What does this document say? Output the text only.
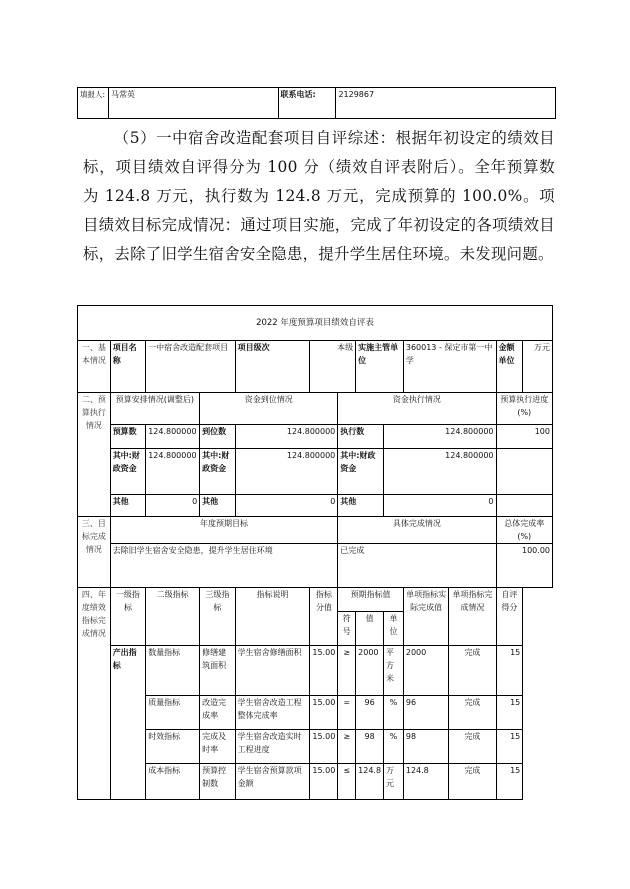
填报人:	马常英	联系电话:	2129867

（5）一中宿舍改造配套项目自评综述：根据年初设定的绩效目标，项目绩效自评得分为 100 分（绩效自评表附后）。全年预算数为 124.8 万元，执行数为 124.8 万元，完成预算的 100.0%。项目绩效目标完成情况：通过项目实施，完成了年初设定的各项绩效目标，去除了旧学生宿舍安全隐患，提升学生居住环境。未发现问题。

2022 年度预算项目绩效自评表												
一、基本情况	项目名称	一中宿舍改造配套项目		项目级次	本级		实施主管单位		360013 - 保定市第一中学		金额单位	万元
二、预算执行情况	预算安排情况(调整后)		资金到位情况			资金执行情况					预算执行进度(%)	
	预算数	124.800000	到位数	124.800000		执行数		124.800000			100	
	其中:财政资金	124.800000	其中:财政资金	124.800000		其中:财政资金		124.800000				
	其他	0	其他	0		其他		0				
三、目标完成情况	年度预期目标					具体完成情况					总体完成率(%)	
	去除旧学生宿舍安全隐患，提升学生居住环境					已完成					100.00	
四、年度绩效指标完成情况	一级指标	二级指标	三级指标	指标说明	指标分值	预期指标值			单项指标实际完成值	单项指标完成情况	自评得分	
						符号	值	单位				
	产出指标	数量指标	修缮建筑面积	学生宿舍修缮面积	15.00	≥	2000	平方米	2000	完成	15	
		质量指标	改造完成率	学生宿舍改造工程整体完成率	15.00	=	96	%	96	完成	15	
		时效指标	完成及时率	学生宿舍改造实时工程进度	15.00	≥	98	%	98	完成	15	
		成本指标	预算控制数	学生宿舍预算款项金额	15.00	≤	124.8	万元	124.8	完成	15	
